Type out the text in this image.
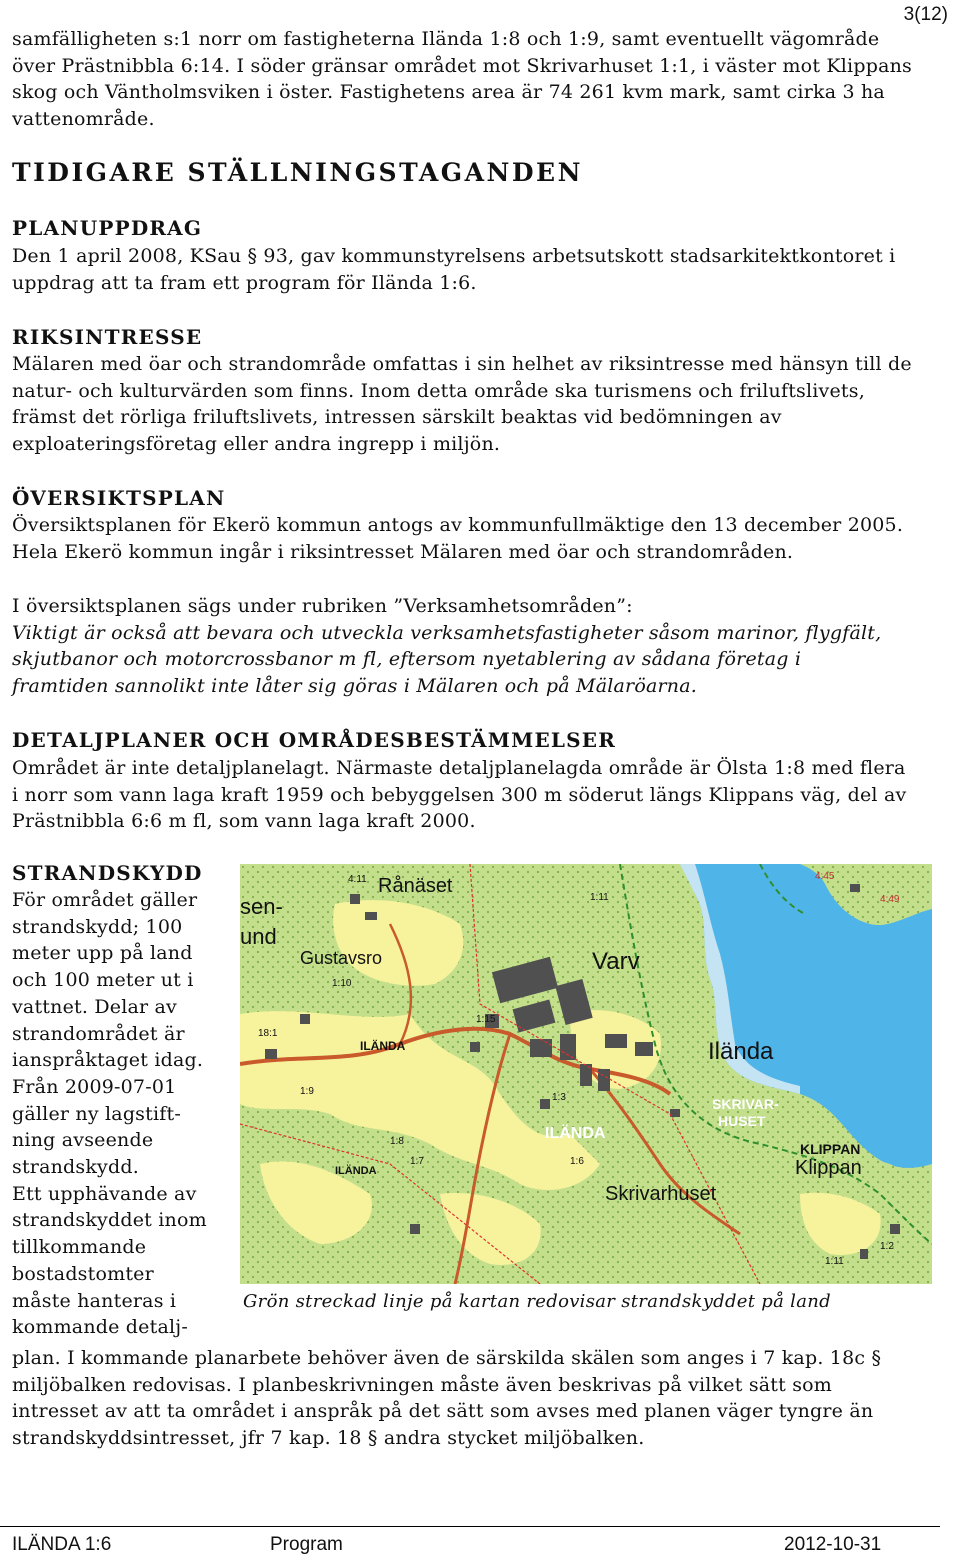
3(12)
samfälligheten s:1 norr om fastigheterna Ilända 1:8 och 1:9, samt eventuellt vägområde
över Prästnibbla 6:14. I söder gränsar området mot Skrivarhuset 1:1, i väster mot Klippans
skog och Väntholmsviken i öster. Fastighetens area är 74 261 kvm mark, samt cirka 3 ha
vattenområde.
TIDIGARE STÄLLNINGSTAGANDEN
PLANUPPDRAG
Den 1 april 2008, KSau § 93, gav kommunstyrelsens arbetsutskott stadsarkitektkontoret i
uppdrag att ta fram ett program för Ilända 1:6.
RIKSINTRESSE
Mälaren med öar och strandområde omfattas i sin helhet av riksintresse med hänsyn till de
natur- och kulturvärden som finns. Inom detta område ska turismens och friluftslivets,
främst det rörliga friluftslivets, intressen särskilt beaktas vid bedömningen av
exploateringsföretag eller andra ingrepp i miljön.
ÖVERSIKTSPLAN
Översiktsplanen för Ekerö kommun antogs av kommunfullmäktige den 13 december 2005.
Hela Ekerö kommun ingår i riksintresset Mälaren med öar och strandområden.
I översiktsplanen sägs under rubriken ”Verksamhetsområden”:
Viktigt är också att bevara och utveckla verksamhetsfastigheter såsom marinor, flygfält,
skjutbanor och motorcrossbanor m fl, eftersom nyetablering av sådana företag i
framtiden sannolikt inte låter sig göras i Mälaren och på Mälaröarna.
DETALJPLANER OCH OMRÅDESBESTÄMMELSER
Området är inte detaljplanelagt. Närmaste detaljplanelagda område är Ölsta 1:8 med flera
i norr som vann laga kraft 1959 och bebyggelsen 300 m söderut längs Klippans väg, del av
Prästnibbla 6:6 m fl, som vann laga kraft 2000.
STRANDSKYDD
För området gäller
strandskydd; 100
meter upp på land
och 100 meter ut i
vattnet. Delar av
strandområdet är
ianspråktaget idag.
Från 2009-07-01
gäller ny lagstift-
ning avseende
strandskydd.
Ett upphävande av
strandskyddet inom
tillkommande
bostadstomter
måste hanteras i
kommande detalj-
Rånäset
Gustavsro	Varv
Ilända
SKRIVAR-
HUSET
KLIPPAN
Klippan
Skrivarhuset
ILÄNDA
ILÄNDA
ILÄNDA
sen-
und
4:11
1:11
4:45
4:49
1:10
1:15
18:1
1:3
1:9
1:8
1:7	1:6
1:2
1:11
Grön streckad linje på kartan redovisar strandskyddet på land
plan. I kommande planarbete behöver även de särskilda skälen som anges i 7 kap. 18c §
miljöbalken redovisas. I planbeskrivningen måste även beskrivas på vilket sätt som
intresset av att ta området i anspråk på det sätt som avses med planen väger tyngre än
strandskyddsintresset, jfr 7 kap. 18 § andra stycket miljöbalken.
ILÄNDA 1:6	Program	2012-10-31
